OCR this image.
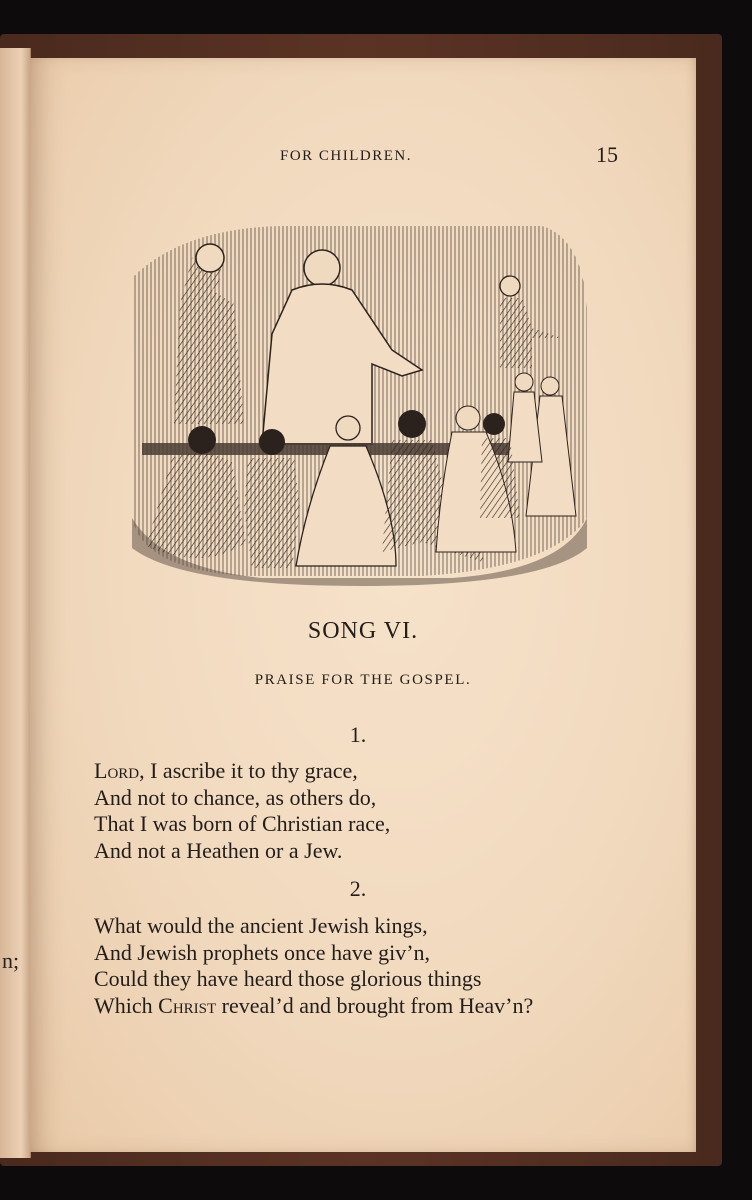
n;
FOR CHILDREN.	15
SONG VI.
PRAISE FOR THE GOSPEL.
1.
Lord, I ascribe it to thy grace,
And not to chance, as others do,
That I was born of Christian race,
And not a Heathen or a Jew.
2.
What would the ancient Jewish kings,
And Jewish prophets once have giv’n,
Could they have heard those glorious things
Which Christ reveal’d and brought from Heav’n?
